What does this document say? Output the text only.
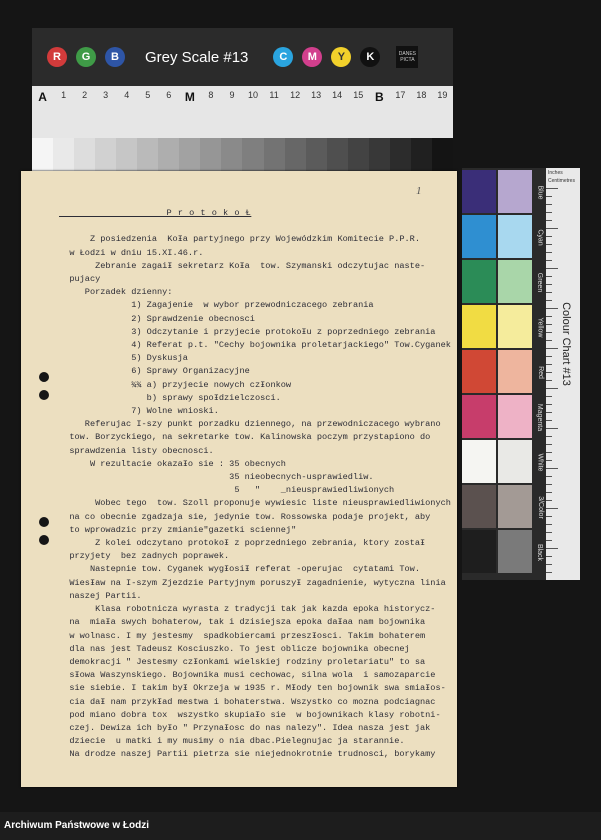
R	G	B	Grey Scale #13	C	M	Y	K	DANES PICTA
A	1	2	3	4	5	6	M	8	9	10	11	12	13	14	15 B	17	18	19
1
P r o t o k o Ɫ

Z posiedzenia  KoƗa partyjnego przy Wojewódzkim Komitecie P.P.R.
w Łodzi w dniu 15.XI.46.r.
Zebranie zagaiƗ sekretarz KoƗa  tow. Szymanski odczytujac naste-
pujacy
Porzadek dzienny:
1) Zagajenie  w wybor przewodniczacego zebrania
2) Sprawdzenie obecnosci
3) Odczytanie i przyjecie protokoƗu z poprzedniego zebrania
4) Referat p.t. "Cechy bojownika proletarjackiego" Tow.Cyganek
5) Dyskusja
6) Sprawy Organizacyjne
¾¾ a) przyjecie nowych czƗonkow
b) sprawy spoƗdzielczosci.
7) Wolne wnioski.
Referujac I-szy punkt porzadku dziennego, na przewodniczacego wybrano
tow. Borzyckiego, na sekretarke tow. Kalinowska poczym przystapiono do
sprawdzenia listy obecnosci.
W rezultacie okazaƗo sie : 35 obecnych
35 nieobecnych-usprawiedliw.
5   "    _nieusprawiedliwionych
Wobec tego  tow. Szoll proponuje wywiesic liste nieusprawiedliwionych
na co obecnie zgadzaja sie, jedynie tow. Rossowska podaje projekt, aby
to wprowadzic przy zmianie"gazetki sciennej"
Z kolei odczytano protokoƗ z poprzedniego zebrania, ktory zostaƗ
przyjety  bez zadnych poprawek.
Nastepnie tow. Cyganek wygƗosiƗ referat -operujac  cytatami Tow.
WiesƗaw na I-szym Zjezdzie Partyjnym poruszyƗ zagadnienie, wytyczna linia
naszej Partii.
Klasa robotnicza wyrasta z tradycji tak jak kazda epoka historycz-
na  miaƗa swych bohaterow, tak i dzisiejsza epoka daƗaa nam bojownika
w wolnasc. I my jestesmy  spadkobiercami przeszƗosci. Takim bohaterem
dla nas jest Tadeusz Kosciuszko. To jest oblicze bojownika obecnej
demokracji " Jestesmy czƗonkami wielskiej rodziny proletariatu" to sa
sƗowa Waszynskiego. Bojownika musi cechowac, silna wola  i samozaparcie
sie siebie. I takim byƗ Okrzeja w 1935 r. MƗody ten bojownik swa smiaƗos-
cia daƗ nam przykƗad mestwa i bohaterstwa. Wszystko co mozna podciagnac
pod miano dobra tox  wszystko skupiaƗo sie  w bojownikach klasy robotni-
czej. Dewiza ich byƗo " PrzynaƗosc do nas nalezy". Idea nasza jest jak
dziecie  u matki i my musimy o nia dbac.Pielegnujac ja starannie.
Na drodze naszej Partii pietrza sie niejednokrotnie trudnosci, borykamy
Blue
Cyan
Green
Yellow
Red
Magenta
White
3/Color
Black
Inches
Centimetres
Colour Chart #13
Archiwum Państwowe w Łodzi
